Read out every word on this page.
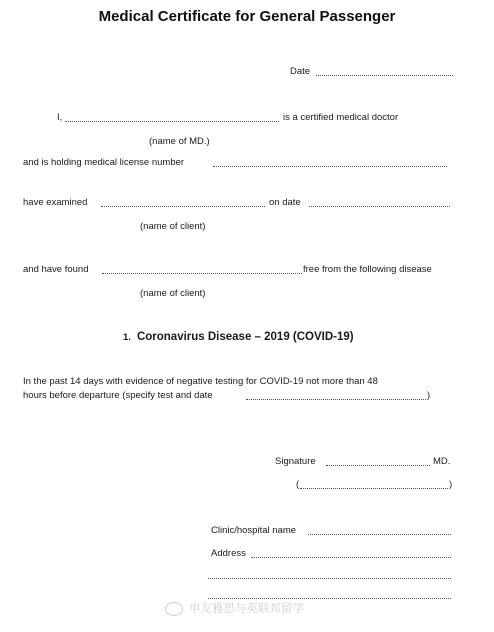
Medical Certificate for General Passenger
Date
I,	is a certified medical doctor
(name of MD.)
and is holding medical license number
have examined	on date
(name of client)
and have found	free from the following disease
(name of client)
1. Coronavirus Disease – 2019 (COVID-19)
In the past 14 days with evidence of negative testing for COVID-19 not more than 48
hours before departure (specify test and date	)
Signature	MD.
(	)
Clinic/hospital name
Address
申友雅思与英联邦留学
